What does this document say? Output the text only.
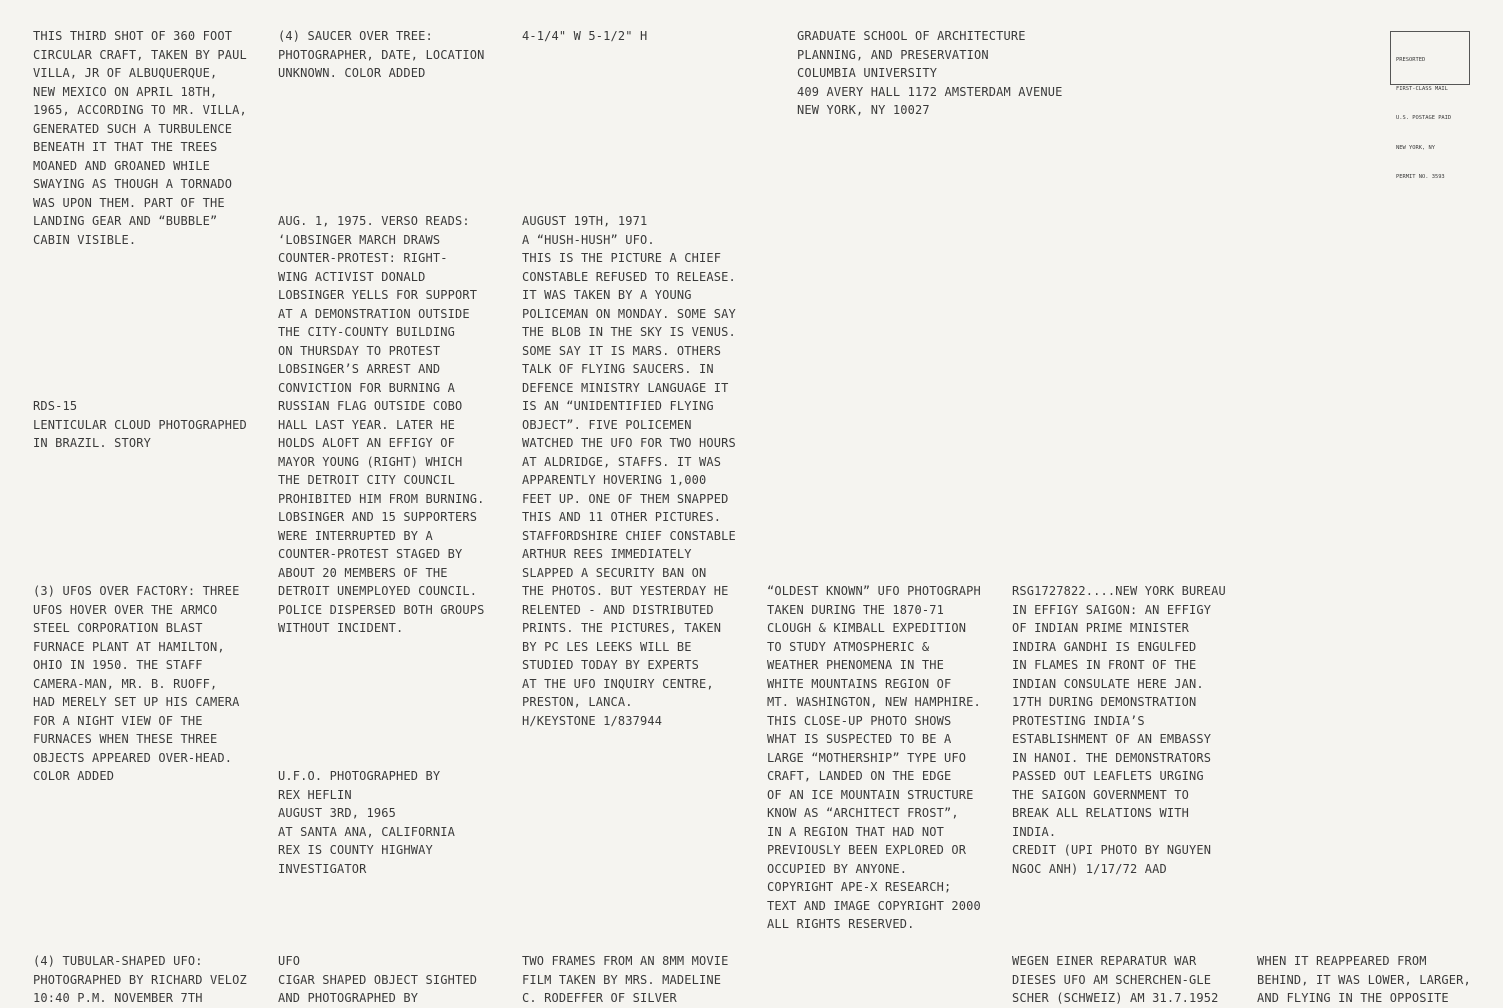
PRESORTED

FIRST-CLASS MAIL

U.S. POSTAGE PAID

NEW YORK, NY

PERMIT NO. 3593

THIS THIRD SHOT OF 360 FOOT
CIRCULAR CRAFT, TAKEN BY PAUL
VILLA, JR OF ALBUQUERQUE,
NEW MEXICO ON APRIL 18TH,
1965, ACCORDING TO MR. VILLA,
GENERATED SUCH A TURBULENCE
BENEATH IT THAT THE TREES
MOANED AND GROANED WHILE
SWAYING AS THOUGH A TORNADO
WAS UPON THEM. PART OF THE
LANDING GEAR AND “BUBBLE”
CABIN VISIBLE.

(4) SAUCER OVER TREE:
PHOTOGRAPHER, DATE, LOCATION
UNKNOWN. COLOR ADDED

4-1/4" W 5-1/2" H	GRADUATE SCHOOL OF ARCHITECTURE
PLANNING, AND PRESERVATION
COLUMBIA UNIVERSITY
409 AVERY HALL 1172 AMSTERDAM AVENUE
NEW YORK, NY 10027

AUG. 1, 1975. VERSO READS:
‘LOBSINGER MARCH DRAWS
COUNTER-PROTEST: RIGHT-
WING ACTIVIST DONALD
LOBSINGER YELLS FOR SUPPORT
AT A DEMONSTRATION OUTSIDE
THE CITY-COUNTY BUILDING
ON THURSDAY TO PROTEST
LOBSINGER’S ARREST AND
CONVICTION FOR BURNING A
RUSSIAN FLAG OUTSIDE COBO
HALL LAST YEAR. LATER HE
HOLDS ALOFT AN EFFIGY OF
MAYOR YOUNG (RIGHT) WHICH
THE DETROIT CITY COUNCIL
PROHIBITED HIM FROM BURNING.
LOBSINGER AND 15 SUPPORTERS
WERE INTERRUPTED BY A
COUNTER-PROTEST STAGED BY
ABOUT 20 MEMBERS OF THE
DETROIT UNEMPLOYED COUNCIL.
POLICE DISPERSED BOTH GROUPS
WITHOUT INCIDENT.

AUGUST 19TH, 1971
A “HUSH-HUSH” UFO.
THIS IS THE PICTURE A CHIEF
CONSTABLE REFUSED TO RELEASE.
IT WAS TAKEN BY A YOUNG
POLICEMAN ON MONDAY. SOME SAY
THE BLOB IN THE SKY IS VENUS.
SOME SAY IT IS MARS. OTHERS
TALK OF FLYING SAUCERS. IN
DEFENCE MINISTRY LANGUAGE IT
IS AN “UNIDENTIFIED FLYING
OBJECT”. FIVE POLICEMEN
WATCHED THE UFO FOR TWO HOURS
AT ALDRIDGE, STAFFS. IT WAS
APPARENTLY HOVERING 1,000
FEET UP. ONE OF THEM SNAPPED
THIS AND 11 OTHER PICTURES.
STAFFORDSHIRE CHIEF CONSTABLE
ARTHUR REES IMMEDIATELY
SLAPPED A SECURITY BAN ON
THE PHOTOS. BUT YESTERDAY HE
RELENTED - AND DISTRIBUTED
PRINTS. THE PICTURES, TAKEN
BY PC LES LEEKS WILL BE
STUDIED TODAY BY EXPERTS
AT THE UFO INQUIRY CENTRE,
PRESTON, LANCA.
H/KEYSTONE 1/837944

RDS-15
LENTICULAR CLOUD PHOTOGRAPHED
IN BRAZIL. STORY

(3) UFOS OVER FACTORY: THREE
UFOS HOVER OVER THE ARMCO
STEEL CORPORATION BLAST
FURNACE PLANT AT HAMILTON,
OHIO IN 1950. THE STAFF
CAMERA-MAN, MR. B. RUOFF,
HAD MERELY SET UP HIS CAMERA
FOR A NIGHT VIEW OF THE
FURNACES WHEN THESE THREE
OBJECTS APPEARED OVER-HEAD.
COLOR ADDED

“OLDEST KNOWN” UFO PHOTOGRAPH
TAKEN DURING THE 1870-71
CLOUGH & KIMBALL EXPEDITION
TO STUDY ATMOSPHERIC &
WEATHER PHENOMENA IN THE
WHITE MOUNTAINS REGION OF
MT. WASHINGTON, NEW HAMPHIRE.
THIS CLOSE-UP PHOTO SHOWS
WHAT IS SUSPECTED TO BE A
LARGE “MOTHERSHIP” TYPE UFO
CRAFT, LANDED ON THE EDGE
OF AN ICE MOUNTAIN STRUCTURE
KNOW AS “ARCHITECT FROST”,
IN A REGION THAT HAD NOT
PREVIOUSLY BEEN EXPLORED OR
OCCUPIED BY ANYONE.
COPYRIGHT APE-X RESEARCH;
TEXT AND IMAGE COPYRIGHT 2000
ALL RIGHTS RESERVED.

RSG1727822....NEW YORK BUREAU
IN EFFIGY SAIGON: AN EFFIGY
OF INDIAN PRIME MINISTER
INDIRA GANDHI IS ENGULFED
IN FLAMES IN FRONT OF THE
INDIAN CONSULATE HERE JAN.
17TH DURING DEMONSTRATION
PROTESTING INDIA’S
ESTABLISHMENT OF AN EMBASSY
IN HANOI. THE DEMONSTRATORS
PASSED OUT LEAFLETS URGING
THE SAIGON GOVERNMENT TO
BREAK ALL RELATIONS WITH
INDIA.
CREDIT (UPI PHOTO BY NGUYEN
NGOC ANH) 1/17/72 AAD

U.F.O. PHOTOGRAPHED BY
REX HEFLIN
AUGUST 3RD, 1965
AT SANTA ANA, CALIFORNIA
REX IS COUNTY HIGHWAY
INVESTIGATOR

(4) TUBULAR-SHAPED UFO:
PHOTOGRAPHED BY RICHARD VELOZ
10:40 P.M. NOVEMBER 7TH

UFO
CIGAR SHAPED OBJECT SIGHTED
AND PHOTOGRAPHED BY

TWO FRAMES FROM AN 8MM MOVIE
FILM TAKEN BY MRS. MADELINE
C. RODEFFER OF SILVER

WEGEN EINER REPARATUR WAR
DIESES UFO AM SCHERCHEN-GLE
SCHER (SCHWEIZ) AM 31.7.1952

WHEN IT REAPPEARED FROM
BEHIND, IT WAS LOWER, LARGER,
AND FLYING IN THE OPPOSITE
